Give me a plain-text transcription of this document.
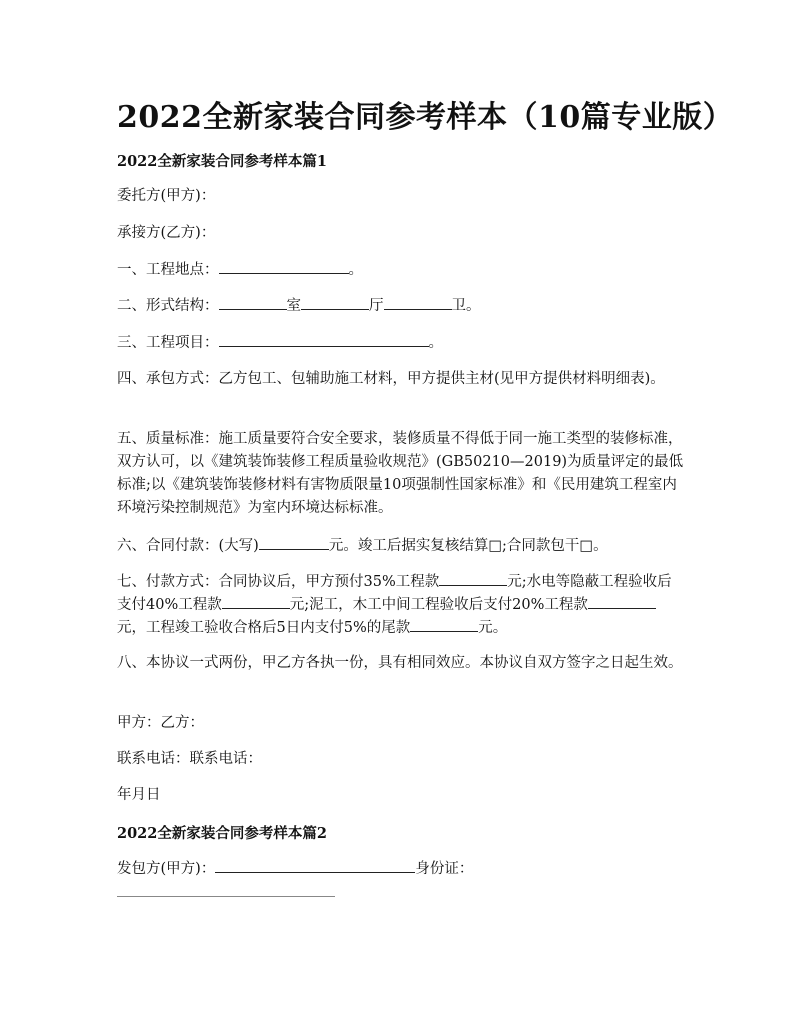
2022全新家装合同参考样本（10篇专业版）

2022全新家装合同参考样本篇1

委托方(甲方)：

承接方(乙方)：

一、工程地点：	。

二、形式结构：	室	厅	卫。

三、工程项目：	。

四、承包方式：乙方包工、包辅助施工材料，甲方提供主材(见甲方提供材料明细表)。

五、质量标准：施工质量要符合安全要求，装修质量不得低于同一施工类型的装修标准，双方认可，以《建筑装饰装修工程质量验收规范》(GB50210—2019)为质量评定的最低标准;以《建筑装饰装修材料有害物质限量10项强制性国家标准》和《民用建筑工程室内环境污染控制规范》为室内环境达标标准。

六、合同付款：(大写)	元。竣工后据实复核结算□;合同款包干□。

七、付款方式：合同协议后，甲方预付35%工程款	元;水电等隐蔽工程验收后支付40%工程款	元;泥工，木工中间工程验收后支付20%工程款元，工程竣工验收合格后5日内支付5%的尾款	元。

八、本协议一式两份，甲乙方各执一份，具有相同效应。本协议自双方签字之日起生效。

甲方：乙方：

联系电话：联系电话：

年月日

2022全新家装合同参考样本篇2

发包方(甲方)：	身份证：
